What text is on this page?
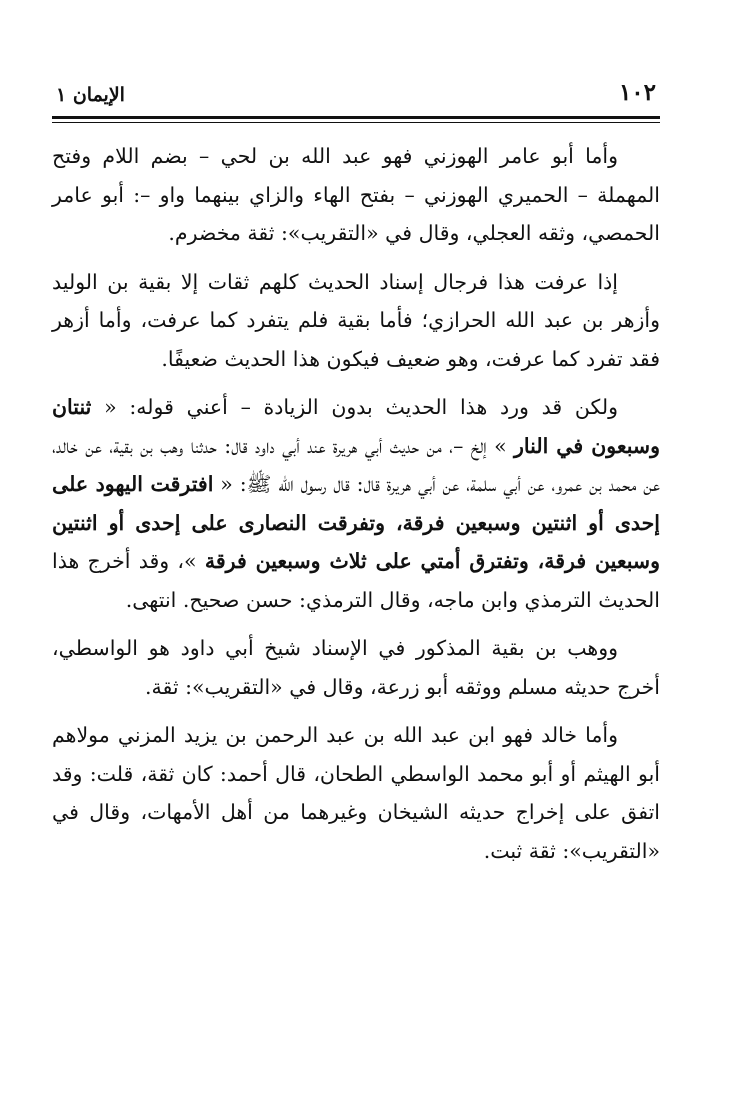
١٠٢
الإيمان ١

وأما أبو عامر الهوزني فهو عبد الله بن لحي – بضم اللام وفتح المهملة – الحميري الهوزني – بفتح الهاء والزاي بينهما واو –: أبو عامر الحمصي، وثقه العجلي، وقال في «التقريب»: ثقة مخضرم.

إذا عرفت هذا فرجال إسناد الحديث كلهم ثقات إلا بقية بن الوليد وأزهر بن عبد الله الحرازي؛ فأما بقية فلم يتفرد كما عرفت، وأما أزهر فقد تفرد كما عرفت، وهو ضعيف فيكون هذا الحديث ضعيفًا.

ولكن قد ورد هذا الحديث بدون الزيادة – أعني قوله: « ثنتان وسبعون في النار » إلخ –، من حديث أبي هريرة عند أبي داود قال: حدثنا وهب بن بقية، عن خالد، عن محمد بن عمرو، عن أبي سلمة، عن أبي هريرة قال: قال رسول الله ﷺ: « افترقت اليهود على إحدى أو اثنتين وسبعين فرقة، وتفرقت النصارى على إحدى أو اثنتين وسبعين فرقة، وتفترق أمتي على ثلاث وسبعين فرقة »، وقد أخرج هذا الحديث الترمذي وابن ماجه، وقال الترمذي: حسن صحيح. انتهى.

ووهب بن بقية المذكور في الإسناد شيخ أبي داود هو الواسطي، أخرج حديثه مسلم ووثقه أبو زرعة، وقال في «التقريب»: ثقة.

وأما خالد فهو ابن عبد الله بن عبد الرحمن بن يزيد المزني مولاهم أبو الهيثم أو أبو محمد الواسطي الطحان، قال أحمد: كان ثقة، قلت: وقد اتفق على إخراج حديثه الشيخان وغيرهما من أهل الأمهات، وقال في «التقريب»: ثقة ثبت.
